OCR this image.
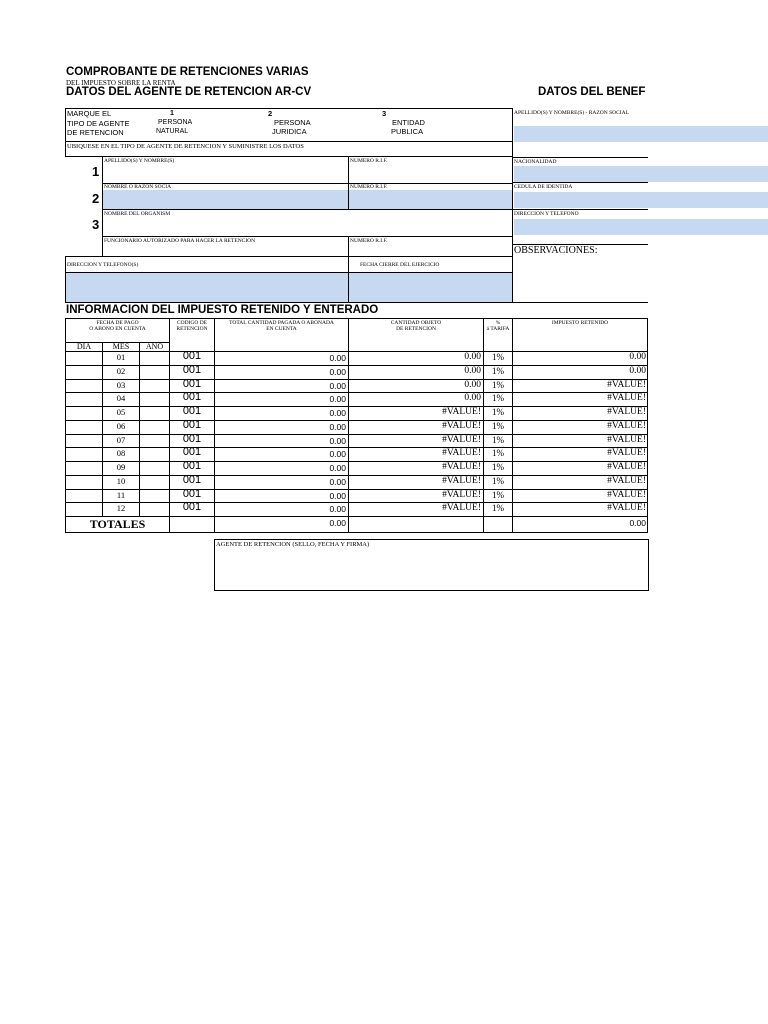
COMPROBANTE DE RETENCIONES VARIAS
DEL IMPUESTO SOBRE LA RENTA
DATOS DEL AGENTE DE RETENCION AR-CV	DATOS DEL BENEF
MARQUE EL
TIPO DE AGENTE
DE RETENCION
1
PERSONA
NATURAL
2
PERSONA
JURIDICA
3
ENTIDAD
PUBLICA
UBIQUESE EN EL TIPO DE AGENTE DE RETENCION Y SUMINISTRE LOS DATOS
1
2
3
APELLIDO(S) Y NOMBRE(S)	NUMERO R.I.F.
NOMBRE O RAZON SOCIA	NUMERO R.I.F.
NOMBRE DEL ORGANISM
FUNCIONARIO AUTORIZADO PARA HACER LA RETENCION	NUMERO R.I.F.
DIRECCION Y TELEFONO(S)	FECHA CIERRE DEL EJERCICIO
APELLIDO(S) Y NOMBRE(S) - RAZON SOCIAL
NACIONALIDAD
CEDULA DE IDENTIDA
DIRECCION Y TELEFONO
OBSERVACIONES:
INFORMACION DEL IMPUESTO RETENIDO Y ENTERADO
FECHA DE PAGO
O ABONO EN CUENTA
CODIGO DE
RETENCION
TOTAL CANTIDAD PAGADA O ABONADA
EN CUENTA
CANTIDAD OBJETO
DE RETENCION
%
á TARIFA
IMPUESTO RETENIDO
DIA	MES	AÑO
01	001	0.00	0.00	1%	0.00
02	001	0.00	0.00	1%	0.00
03	001	0.00	0.00	1%	#VALUE!
04	001	0.00	0.00	1%	#VALUE!
05	001	0.00	#VALUE!	1%	#VALUE!
06	001	0.00	#VALUE!	1%	#VALUE!
07	001	0.00	#VALUE!	1%	#VALUE!
08	001	0.00	#VALUE!	1%	#VALUE!
09	001	0.00	#VALUE!	1%	#VALUE!
10	001	0.00	#VALUE!	1%	#VALUE!
11	001	0.00	#VALUE!	1%	#VALUE!
12	001	0.00	#VALUE!	1%	#VALUE!
TOTALES	0.00	0.00
AGENTE DE RETENCION (SELLO, FECHA Y FIRMA)
